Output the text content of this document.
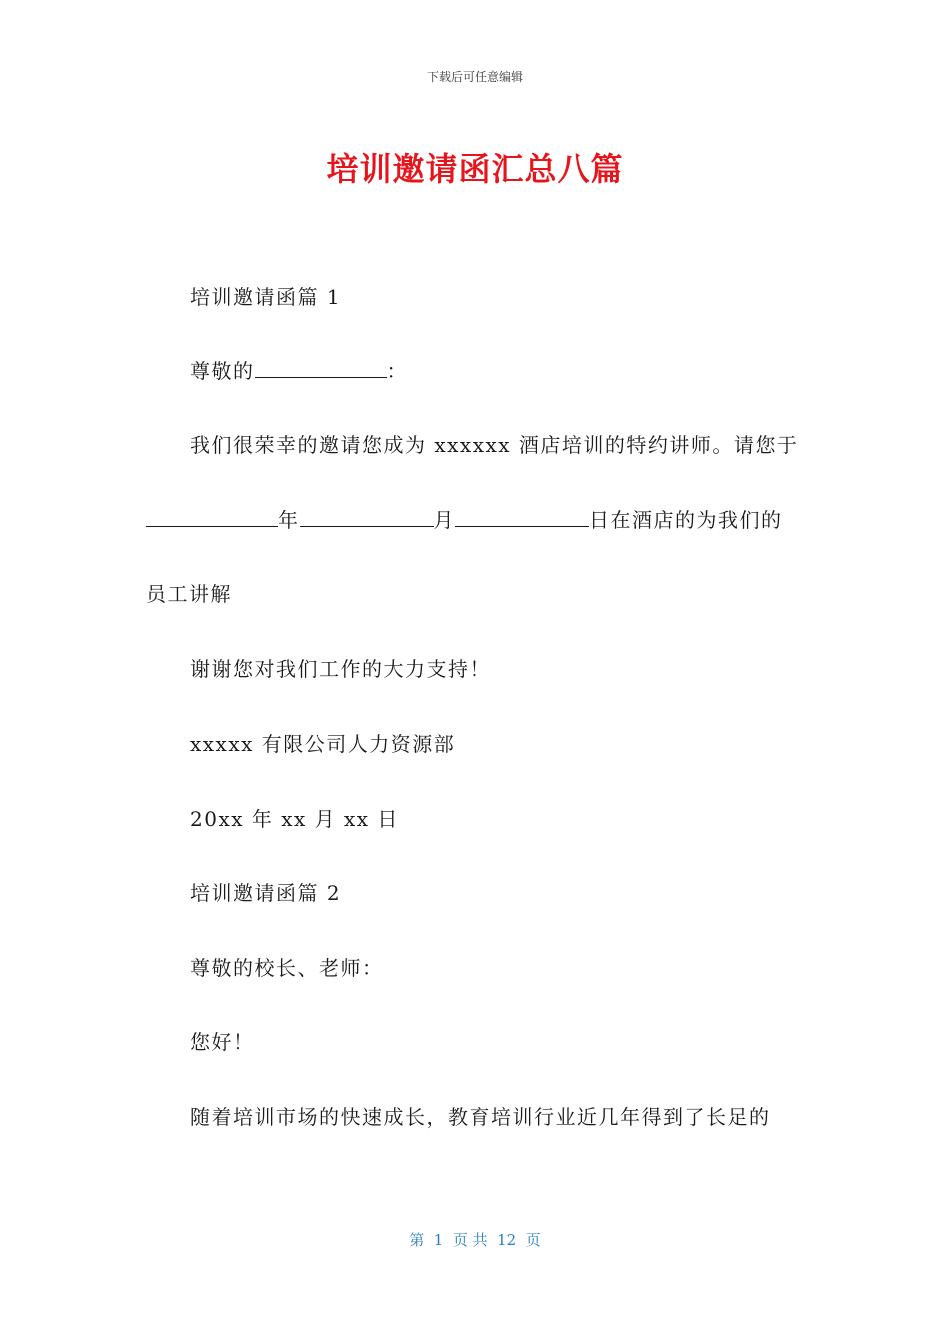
下载后可任意编辑
培训邀请函汇总八篇
培训邀请函篇 1
尊敬的	：
我们很荣幸的邀请您成为 xxxxxx 酒店培训的特约讲师。请您于
年	月	日在酒店的为我们的
员工讲解
谢谢您对我们工作的大力支持！
xxxxx 有限公司人力资源部
20xx 年 xx 月 xx 日
培训邀请函篇 2
尊敬的校长、老师：
您好！
随着培训市场的快速成长，教育培训行业近几年得到了长足的
第  1  页 共  12  页
